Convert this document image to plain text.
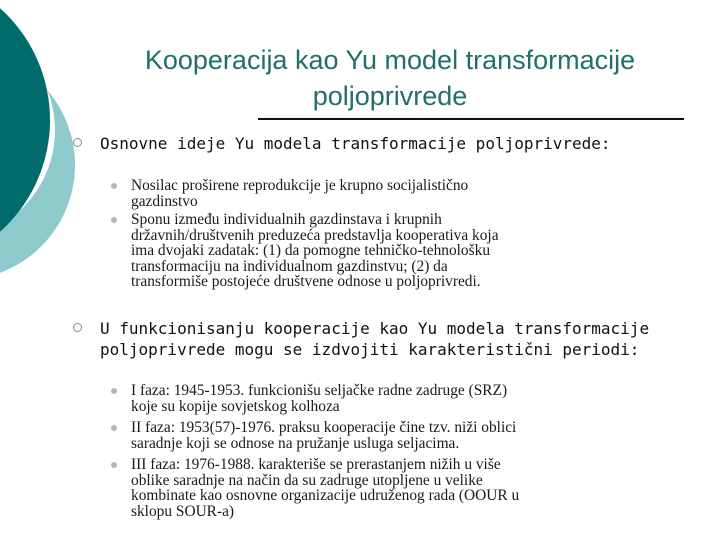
Kooperacija kao Yu model transformacije
poljoprivrede
Osnovne ideje Yu modela transformacije poljoprivrede:
Nosilac proširene reprodukcije je krupno socijalistično
gazdinstvo
Sponu između individualnih gazdinstava i krupnih
državnih/društvenih preduzeća predstavlja kooperativa koja
ima dvojaki zadatak: (1) da pomogne tehničko-tehnološku
transformaciju na individualnom gazdinstvu; (2) da
transformiše postojeće društvene odnose u poljoprivredi.
U funkcionisanju kooperacije kao Yu modela transformacije
poljoprivrede mogu se izdvojiti karakteristični periodi:
I faza: 1945-1953. funkcionišu seljačke radne zadruge (SRZ)
koje su kopije sovjetskog kolhoza
II faza: 1953(57)-1976. praksu kooperacije čine tzv. niži oblici
saradnje koji se odnose na pružanje usluga seljacima.
III faza: 1976-1988. karakteriše se prerastanjem nižih u više
oblike saradnje na način da su zadruge utopljene u velike
kombinate kao osnovne organizacije udruženog rada (OOUR u
sklopu SOUR-a)
